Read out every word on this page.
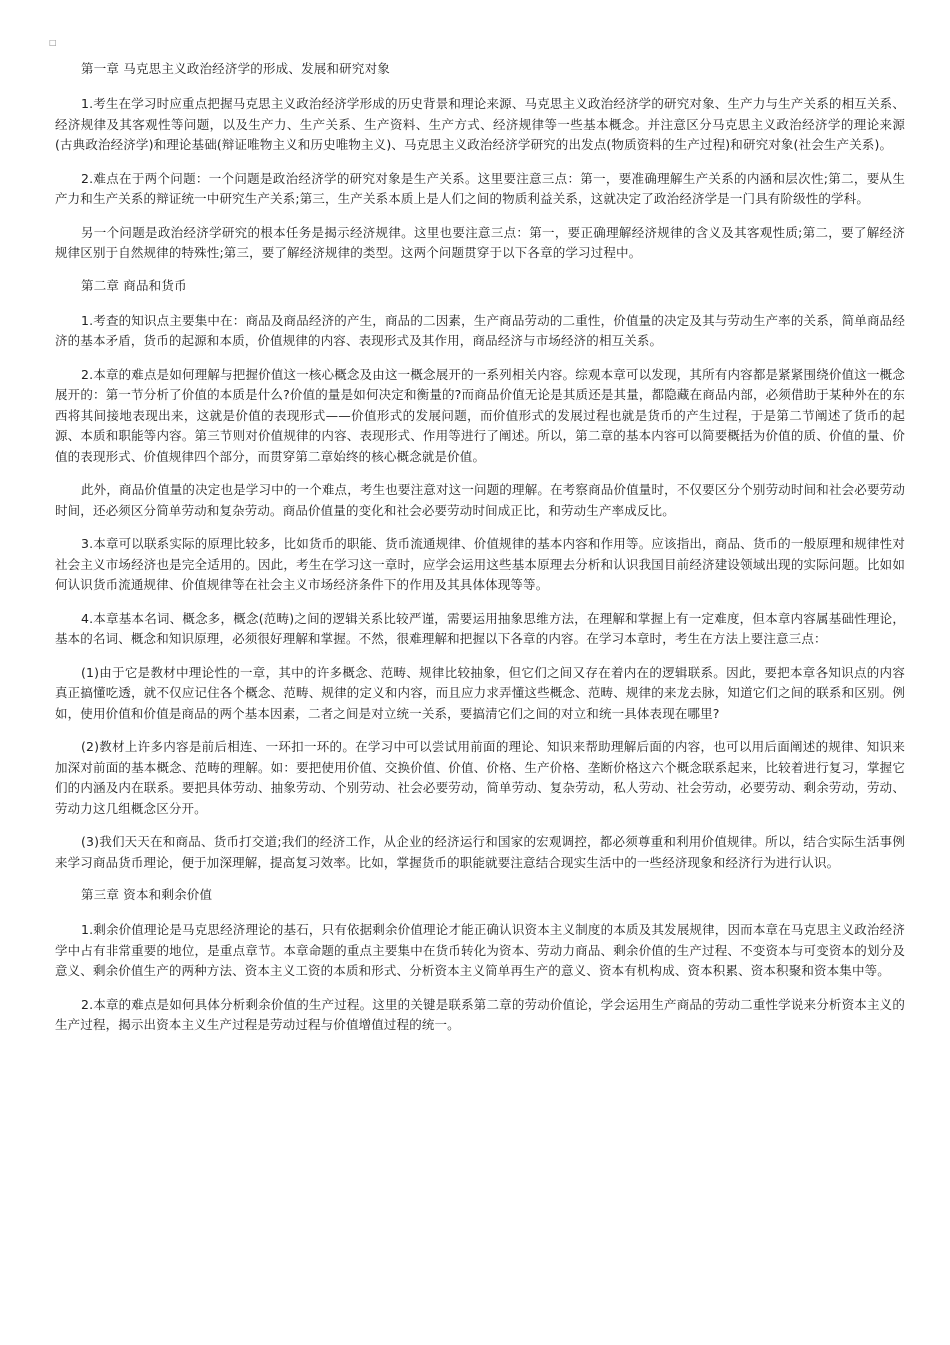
□
第一章 马克思主义政治经济学的形成、发展和研究对象

1.考生在学习时应重点把握马克思主义政治经济学形成的历史背景和理论来源、马克思主义政治经济学的研究对象、生产力与生产关系的相互关系、经济规律及其客观性等问题，以及生产力、生产关系、生产资料、生产方式、经济规律等一些基本概念。并注意区分马克思主义政治经济学的理论来源(古典政治经济学)和理论基础(辩证唯物主义和历史唯物主义)、马克思主义政治经济学研究的出发点(物质资料的生产过程)和研究对象(社会生产关系)。

2.难点在于两个问题：一个问题是政治经济学的研究对象是生产关系。这里要注意三点：第一，要准确理解生产关系的内涵和层次性;第二，要从生产力和生产关系的辩证统一中研究生产关系;第三，生产关系本质上是人们之间的物质利益关系，这就决定了政治经济学是一门具有阶级性的学科。

另一个问题是政治经济学研究的根本任务是揭示经济规律。这里也要注意三点：第一，要正确理解经济规律的含义及其客观性质;第二，要了解经济规律区别于自然规律的特殊性;第三，要了解经济规律的类型。这两个问题贯穿于以下各章的学习过程中。

第二章 商品和货币

1.考查的知识点主要集中在：商品及商品经济的产生，商品的二因素，生产商品劳动的二重性，价值量的决定及其与劳动生产率的关系，简单商品经济的基本矛盾，货币的起源和本质，价值规律的内容、表现形式及其作用，商品经济与市场经济的相互关系。

2.本章的难点是如何理解与把握价值这一核心概念及由这一概念展开的一系列相关内容。综观本章可以发现，其所有内容都是紧紧围绕价值这一概念展开的：第一节分析了价值的本质是什么?价值的量是如何决定和衡量的?而商品价值无论是其质还是其量，都隐藏在商品内部，必须借助于某种外在的东西将其间接地表现出来，这就是价值的表现形式——价值形式的发展问题，而价值形式的发展过程也就是货币的产生过程，于是第二节阐述了货币的起源、本质和职能等内容。第三节则对价值规律的内容、表现形式、作用等进行了阐述。所以，第二章的基本内容可以简要概括为价值的质、价值的量、价值的表现形式、价值规律四个部分，而贯穿第二章始终的核心概念就是价值。

此外，商品价值量的决定也是学习中的一个难点，考生也要注意对这一问题的理解。在考察商品价值量时，不仅要区分个别劳动时间和社会必要劳动时间，还必须区分简单劳动和复杂劳动。商品价值量的变化和社会必要劳动时间成正比，和劳动生产率成反比。

3.本章可以联系实际的原理比较多，比如货币的职能、货币流通规律、价值规律的基本内容和作用等。应该指出，商品、货币的一般原理和规律性对社会主义市场经济也是完全适用的。因此，考生在学习这一章时，应学会运用这些基本原理去分析和认识我国目前经济建设领域出现的实际问题。比如如何认识货币流通规律、价值规律等在社会主义市场经济条件下的作用及其具体体现等等。

4.本章基本名词、概念多，概念(范畴)之间的逻辑关系比较严谨，需要运用抽象思维方法，在理解和掌握上有一定难度，但本章内容属基础性理论，基本的名词、概念和知识原理，必须很好理解和掌握。不然，很难理解和把握以下各章的内容。在学习本章时，考生在方法上要注意三点：

(1)由于它是教材中理论性的一章，其中的许多概念、范畴、规律比较抽象，但它们之间又存在着内在的逻辑联系。因此，要把本章各知识点的内容真正搞懂吃透，就不仅应记住各个概念、范畴、规律的定义和内容，而且应力求弄懂这些概念、范畴、规律的来龙去脉，知道它们之间的联系和区别。例如，使用价值和价值是商品的两个基本因素，二者之间是对立统一关系，要搞清它们之间的对立和统一具体表现在哪里?

(2)教材上许多内容是前后相连、一环扣一环的。在学习中可以尝试用前面的理论、知识来帮助理解后面的内容，也可以用后面阐述的规律、知识来加深对前面的基本概念、范畴的理解。如：要把使用价值、交换价值、价值、价格、生产价格、垄断价格这六个概念联系起来，比较着进行复习，掌握它们的内涵及内在联系。要把具体劳动、抽象劳动、个别劳动、社会必要劳动，简单劳动、复杂劳动，私人劳动、社会劳动，必要劳动、剩余劳动，劳动、劳动力这几组概念区分开。

(3)我们天天在和商品、货币打交道;我们的经济工作，从企业的经济运行和国家的宏观调控，都必须尊重和利用价值规律。所以，结合实际生活事例来学习商品货币理论，便于加深理解，提高复习效率。比如，掌握货币的职能就要注意结合现实生活中的一些经济现象和经济行为进行认识。

第三章 资本和剩余价值

1.剩余价值理论是马克思经济理论的基石，只有依据剩余价值理论才能正确认识资本主义制度的本质及其发展规律，因而本章在马克思主义政治经济学中占有非常重要的地位，是重点章节。本章命题的重点主要集中在货币转化为资本、劳动力商品、剩余价值的生产过程、不变资本与可变资本的划分及意义、剩余价值生产的两种方法、资本主义工资的本质和形式、分析资本主义简单再生产的意义、资本有机构成、资本积累、资本积聚和资本集中等。

2.本章的难点是如何具体分析剩余价值的生产过程。这里的关键是联系第二章的劳动价值论，学会运用生产商品的劳动二重性学说来分析资本主义的生产过程，揭示出资本主义生产过程是劳动过程与价值增值过程的统一。
